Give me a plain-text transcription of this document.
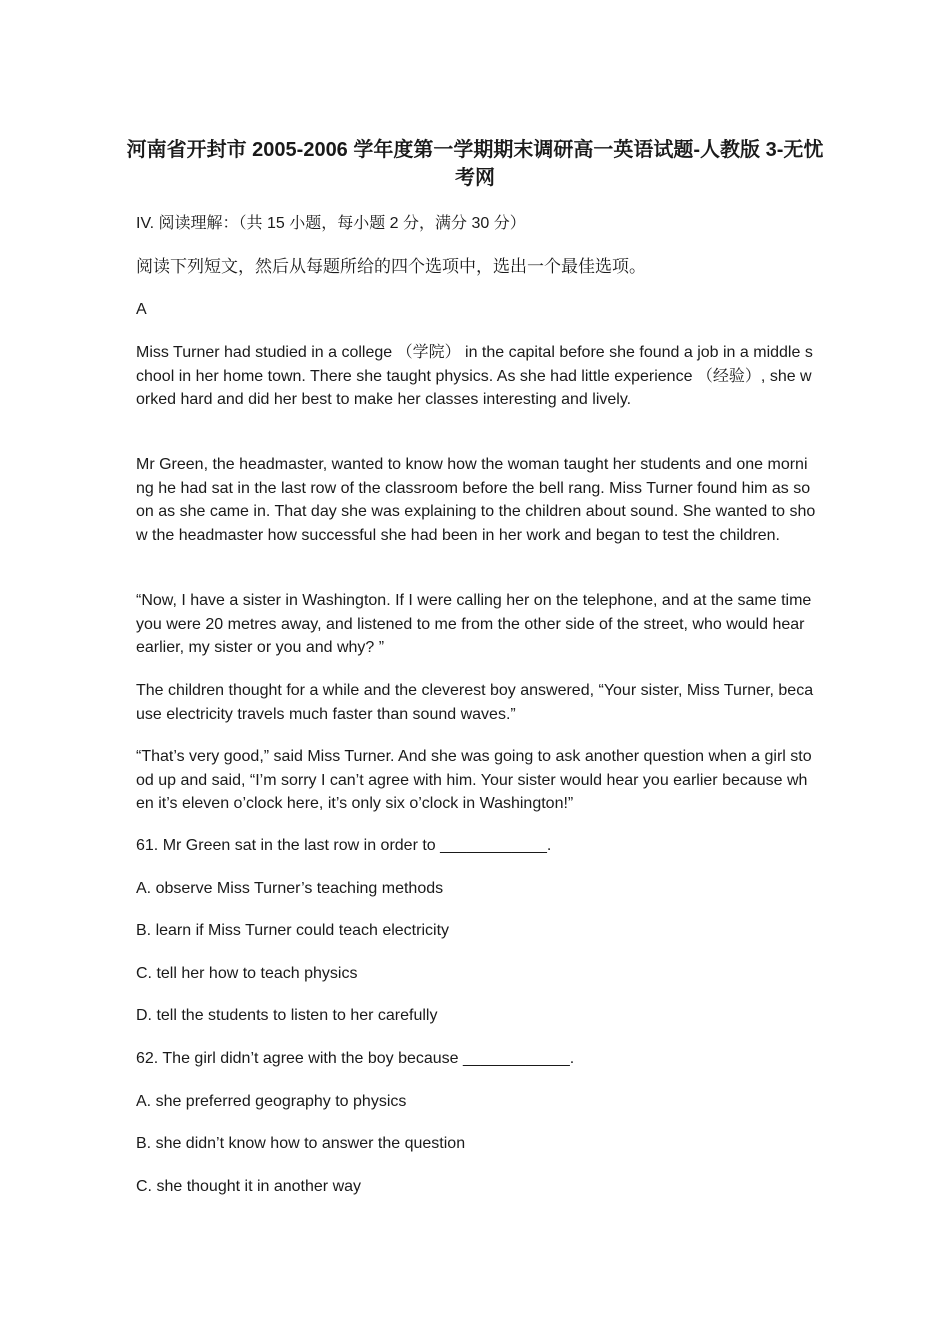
河南省开封市 2005-2006 学年度第一学期期末调研高一英语试题-人教版 3-无忧考网

IV. 阅读理解：（共 15 小题，每小题 2 分，满分 30 分）

阅读下列短文，然后从每题所给的四个选项中，选出一个最佳选项。

A

Miss Turner had studied in a college （学院） in the capital before she found a job in a middle school in her home town. There she taught physics. As she had little experience （经验）, she worked hard and did her best to make her classes interesting and lively.

Mr Green, the headmaster, wanted to know how the woman taught her students and one morning he had sat in the last row of the classroom before the bell rang. Miss Turner found him as soon as she came in. That day she was explaining to the children about sound. She wanted to show the headmaster how successful she had been in her work and began to test the children.

“Now, I have a sister in Washington. If I were calling her on the telephone, and at the same time you were 20 metres away, and listened to me from the other side of the street, who would hear earlier, my sister or you and why? ”

The children thought for a while and the cleverest boy answered, “Your sister, Miss Turner, because electricity travels much faster than sound waves.”

“That’s very good,” said Miss Turner. And she was going to ask another question when a girl stood up and said, “I’m sorry I can’t agree with him. Your sister would hear you earlier because when it’s eleven o’clock here, it’s only six o’clock in Washington!”

61. Mr Green sat in the last row in order to ____________.

A. observe Miss Turner’s teaching methods

B. learn if Miss Turner could teach electricity

C. tell her how to teach physics

D. tell the students to listen to her carefully

62. The girl didn’t agree with the boy because ____________.

A. she preferred geography to physics

B. she didn’t know how to answer the question

C. she thought it in another way
